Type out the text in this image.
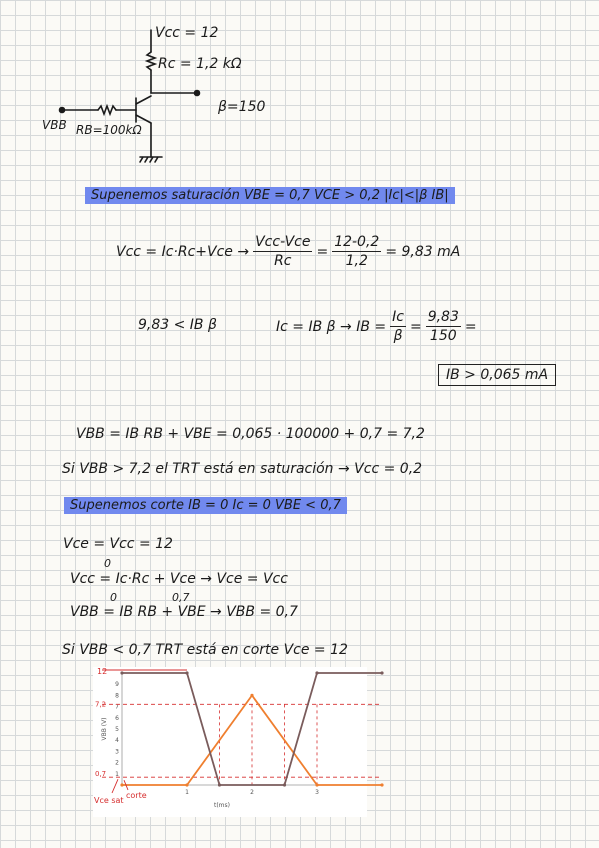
Vcc = 12
Rc = 1,2 kΩ
β=150
VBB RB=100kΩ
Supenemos saturación VBE = 0,7 VCE > 0,2 |Ic|<|β IB|
Vcc = $Ic\cdot Rc+Vce \to \frac{\text{Vcc-Vce}}{Rc} = \frac{12-0,2}{1,2} = 9,83$ mA
9,83 < IB β	Ic = IB β → IB = $\frac{Ic}{\beta} = \frac{9,83}{150}$ =
IB > 0,065 mA
VBB = IB RB + VBE = 0,065 · 100000 + 0,7 = 7,2
Si VBB > 7,2 el TRT está en saturación → Vcc = 0,2
Supenemos corte IB = 0 Ic = 0 VBE < 0,7
Vce = Vcc = 12
Vcc = Ic·Rc + Vce → Vce = Vcc
0
VBB = IB RB + VBE → VBB = 0,7
0	0,7
Si VBB < 0,7 TRT está en corte Vce = 12
1
2
3
4
5
6
7
8
9
1	2	3
VBB (V)
t(ms)
12
7,2
0,7
Vce sat
corte
